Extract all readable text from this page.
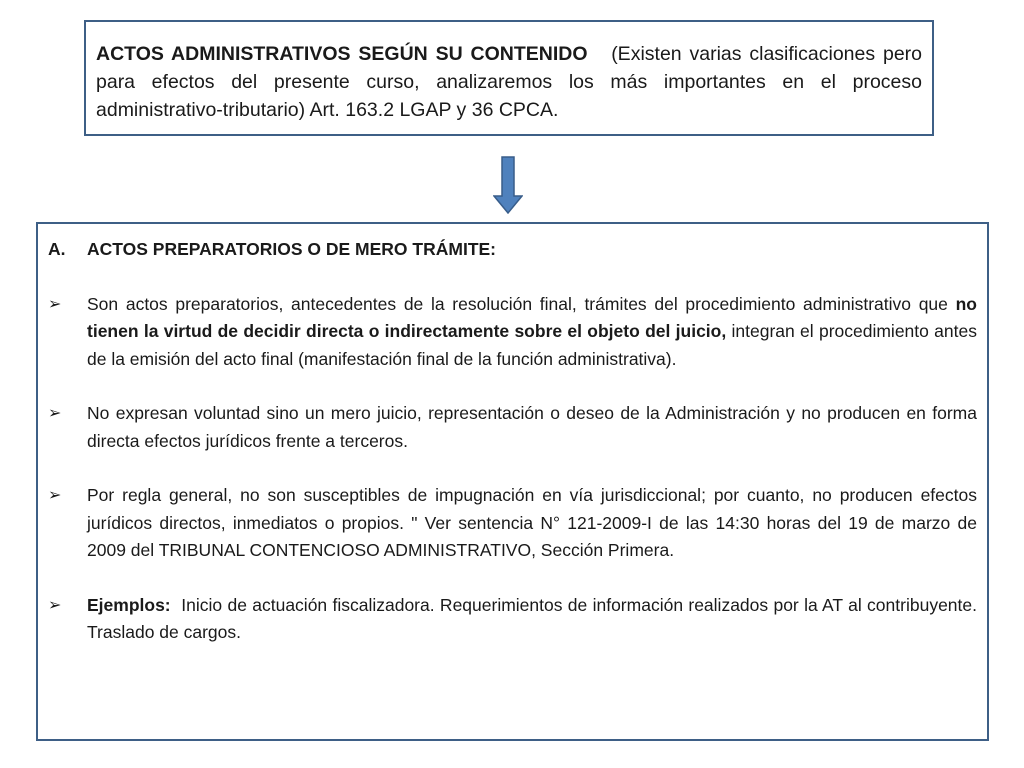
ACTOS ADMINISTRATIVOS SEGÚN SU CONTENIDO (Existen varias clasificaciones pero para efectos del presente curso, analizaremos los más importantes en el proceso administrativo-tributario) Art. 163.2 LGAP y 36 CPCA.
A.	ACTOS PREPARATORIOS O DE MERO TRÁMITE:
➢	Son actos preparatorios, antecedentes de la resolución final, trámites del procedimiento administrativo que no tienen la virtud de decidir directa o indirectamente sobre el objeto del juicio, integran el procedimiento antes de la emisión del acto final (manifestación final de la función administrativa).
➢	No expresan voluntad sino un mero juicio, representación o deseo de la Administración y no producen en forma directa efectos jurídicos frente a terceros.
➢	Por regla general, no son susceptibles de impugnación en vía jurisdiccional; por cuanto, no producen efectos jurídicos directos, inmediatos o propios. " Ver sentencia N° 121-2009-I de las 14:30 horas del 19 de marzo de 2009 del TRIBUNAL CONTENCIOSO ADMINISTRATIVO, Sección Primera.
➢	Ejemplos:  Inicio de actuación fiscalizadora. Requerimientos de información realizados por la AT al contribuyente.  Traslado de cargos.
